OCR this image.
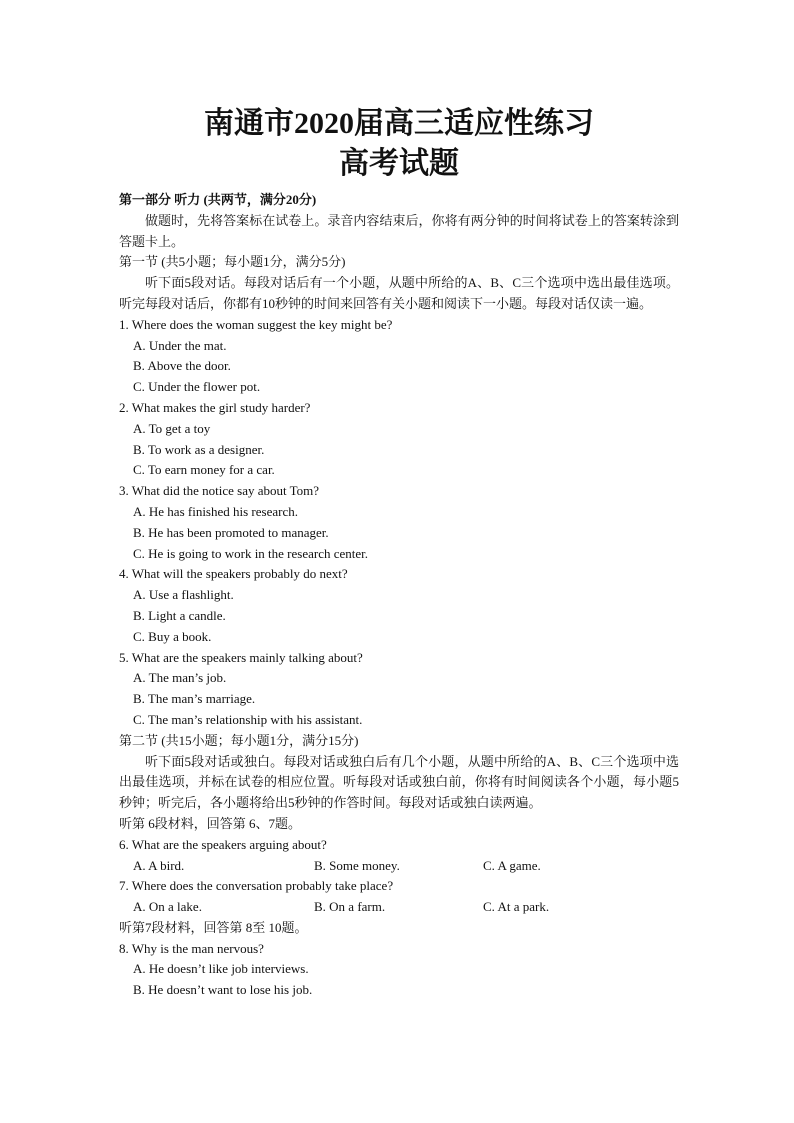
南通市2020届高三适应性练习
高考试题
第一部分 听力 (共两节，满分20分)
做题时，先将答案标在试卷上。录音内容结束后，你将有两分钟的时间将试卷上的答案转涂到答题卡上。
第一节 (共5小题；每小题1分，满分5分)
听下面5段对话。每段对话后有一个小题，从题中所给的A、B、C三个选项中选出最佳选项。听完每段对话后，你都有10秒钟的时间来回答有关小题和阅读下一小题。每段对话仅读一遍。
1. Where does the woman suggest the key might be?
A. Under the mat.
B. Above the door.
C. Under the flower pot.
2. What makes the girl study harder?
A. To get a toy
B. To work as a designer.
C. To earn money for a car.
3. What did the notice say about Tom?
A. He has finished his research.
B. He has been promoted to manager.
C. He is going to work in the research center.
4. What will the speakers probably do next?
A. Use a flashlight.
B. Light a candle.
C. Buy a book.
5. What are the speakers mainly talking about?
A. The man’s job.
B. The man’s marriage.
C. The man’s relationship with his assistant.
第二节 (共15小题；每小题1分，满分15分)
听下面5段对话或独白。每段对话或独白后有几个小题，从题中所给的A、B、C三个选项中选出最佳选项，并标在试卷的相应位置。听每段对话或独白前，你将有时间阅读各个小题，每小题5秒钟；听完后，各小题将给出5秒钟的作答时间。每段对话或独白读两遍。
听第 6段材料，回答第 6、7题。
6. What are the speakers arguing about?
A. A bird.	B. Some money.	C. A game.
7. Where does the conversation probably take place?
A. On a lake.	B. On a farm.	C. At a park.
听第7段材料，回答第 8至 10题。
8. Why is the man nervous?
A. He doesn’t like job interviews.
B. He doesn’t want to lose his job.
